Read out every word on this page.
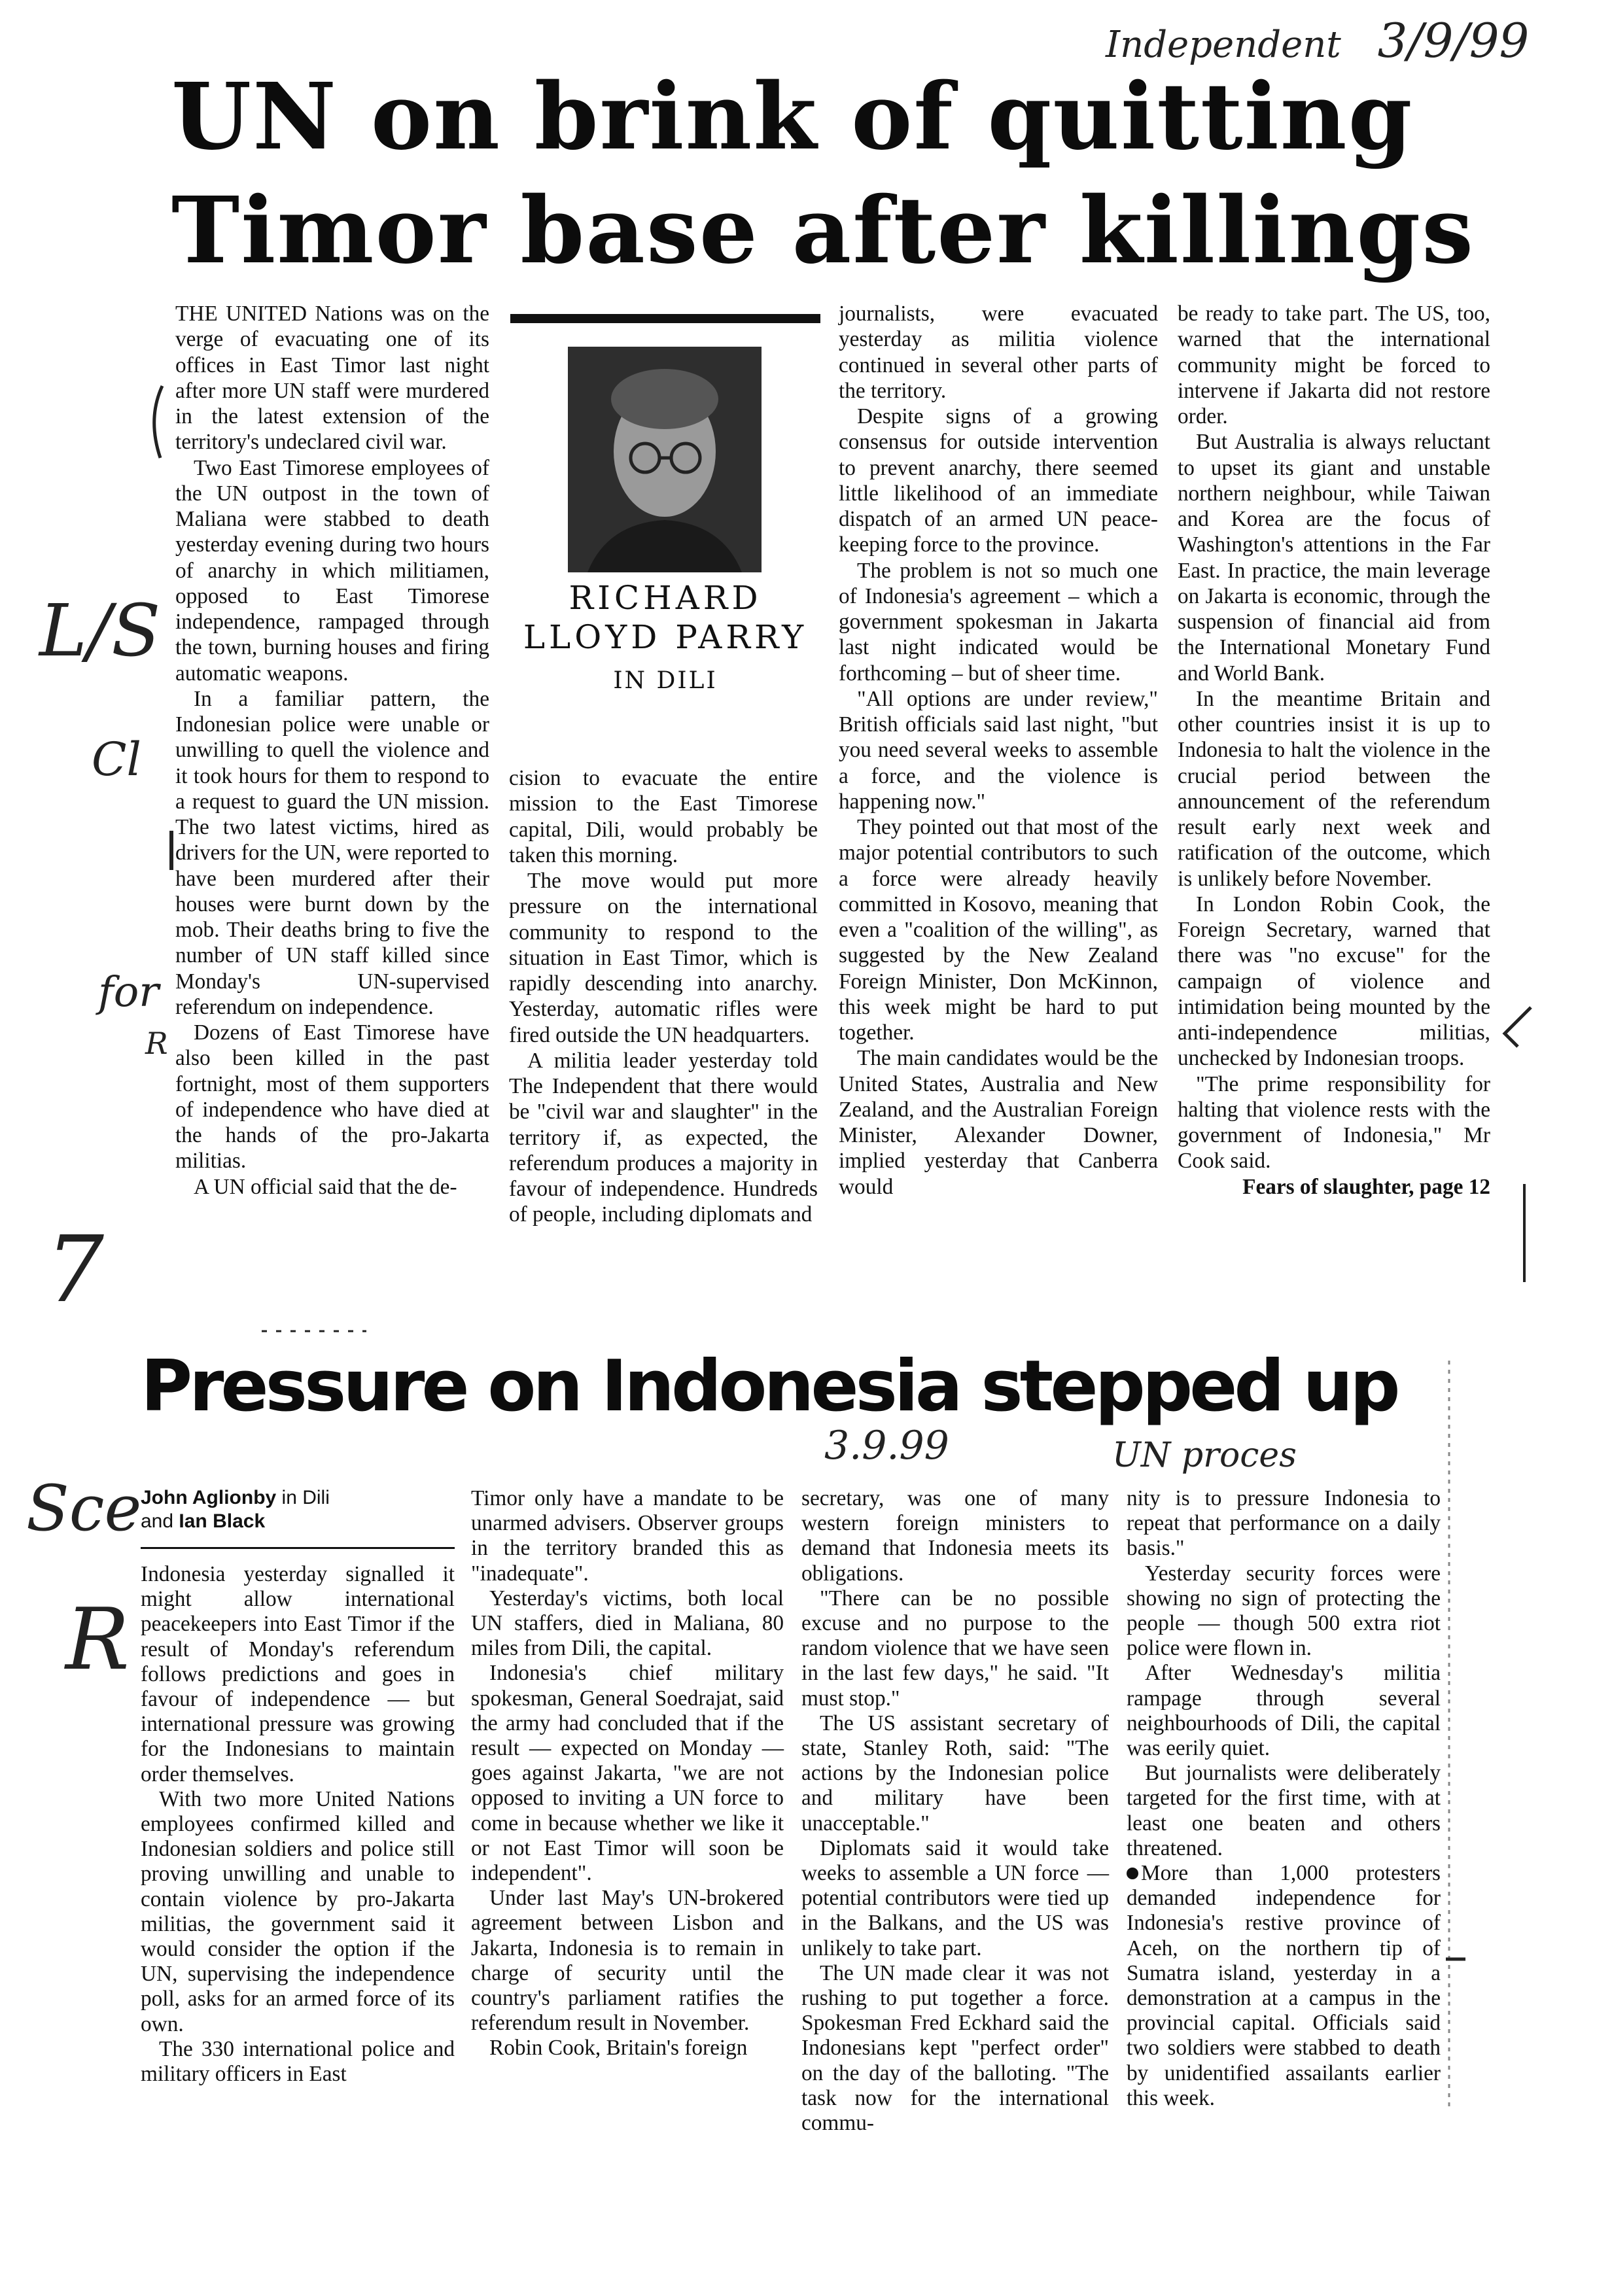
Independent 3/9/99
UN on brink of quitting
Timor base after killings

THE UNITED Nations was on the verge of evacuating one of its offices in East Timor last night after more UN staff were murdered in the latest extension of the territory's undeclared civil war.

Two East Timorese employees of the UN outpost in the town of Maliana were stabbed to death yesterday evening during two hours of anarchy in which militiamen, opposed to East Timorese independence, rampaged through the town, burning houses and firing automatic weapons.

In a familiar pattern, the Indonesian police were unable or unwilling to quell the violence and it took hours for them to respond to a request to guard the UN mission. The two latest victims, hired as drivers for the UN, were reported to have been murdered after their houses were burnt down by the mob. Their deaths bring to five the number of UN staff killed since Monday's UN-supervised referendum on independence.

Dozens of East Timorese have also been killed in the past fortnight, most of them supporters of independence who have died at the hands of the pro-Jakarta militias.

A UN official said that the de-

RICHARD
LLOYD PARRY
IN DILI

cision to evacuate the entire mission to the East Timorese capital, Dili, would probably be taken this morning.

The move would put more pressure on the international community to respond to the situation in East Timor, which is rapidly descending into anarchy. Yesterday, automatic rifles were fired outside the UN headquarters.

A militia leader yesterday told The Independent that there would be "civil war and slaughter" in the territory if, as expected, the referendum produces a majority in favour of independence. Hundreds of people, including diplomats and

journalists, were evacuated yesterday as militia violence continued in several other parts of the territory.

Despite signs of a growing consensus for outside intervention to prevent anarchy, there seemed little likelihood of an immediate dispatch of an armed UN peace-keeping force to the province.

The problem is not so much one of Indonesia's agreement – which a government spokesman in Jakarta last night indicated would be forthcoming – but of sheer time.

"All options are under review," British officials said last night, "but you need several weeks to assemble a force, and the violence is happening now."

They pointed out that most of the major potential contributors to such a force were already heavily committed in Kosovo, meaning that even a "coalition of the willing", as suggested by the New Zealand Foreign Minister, Don McKinnon, this week might be hard to put together.

The main candidates would be the United States, Australia and New Zealand, and the Australian Foreign Minister, Alexander Downer, implied yesterday that Canberra would

be ready to take part. The US, too, warned that the international community might be forced to intervene if Jakarta did not restore order.

But Australia is always reluctant to upset its giant and unstable northern neighbour, while Taiwan and Korea are the focus of Washington's attentions in the Far East. In practice, the main leverage on Jakarta is economic, through the suspension of financial aid from the International Monetary Fund and World Bank.

In the meantime Britain and other countries insist it is up to Indonesia to halt the violence in the crucial period between the announcement of the referendum result early next week and ratification of the outcome, which is unlikely before November.

In London Robin Cook, the Foreign Secretary, warned that there was "no excuse" for the campaign of violence and intimidation being mounted by the anti-independence militias, unchecked by Indonesian troops.

"The prime responsibility for halting that violence rests with the government of Indonesia," Mr Cook said.

Fears of slaughter, page 12

Pressure on Indonesia stepped up
3.9.99	UN proces
John Aglionby in Dili
and Ian Black

Indonesia yesterday signalled it might allow international peacekeepers into East Timor if the result of Monday's referendum follows predictions and goes in favour of independence — but international pressure was growing for the Indonesians to maintain order themselves.

With two more United Nations employees confirmed killed and Indonesian soldiers and police still proving unwilling and unable to contain violence by pro-Jakarta militias, the government said it would consider the option if the UN, supervising the independence poll, asks for an armed force of its own.

The 330 international police and military officers in East

Timor only have a mandate to be unarmed advisers. Observer groups in the territory branded this as "inadequate".

Yesterday's victims, both local UN staffers, died in Maliana, 80 miles from Dili, the capital.

Indonesia's chief military spokesman, General Soedrajat, said the army had concluded that if the result — expected on Monday — goes against Jakarta, "we are not opposed to inviting a UN force to come in because whether we like it or not East Timor will soon be independent".

Under last May's UN-brokered agreement between Lisbon and Jakarta, Indonesia is to remain in charge of security until the country's parliament ratifies the referendum result in November.

Robin Cook, Britain's foreign

secretary, was one of many western foreign ministers to demand that Indonesia meets its obligations.

"There can be no possible excuse and no purpose to the random violence that we have seen in the last few days," he said. "It must stop."

The US assistant secretary of state, Stanley Roth, said: "The actions by the Indonesian police and military have been unacceptable."

Diplomats said it would take weeks to assemble a UN force — potential contributors were tied up in the Balkans, and the US was unlikely to take part.

The UN made clear it was not rushing to put together a force. Spokesman Fred Eckhard said the Indonesians kept "perfect order" on the day of the balloting. "The task now for the international commu-

nity is to pressure Indonesia to repeat that performance on a daily basis."

Yesterday security forces were showing no sign of protecting the people — though 500 extra riot police were flown in.

After Wednesday's militia rampage through several neighbourhoods of Dili, the capital was eerily quiet.

But journalists were deliberately targeted for the first time, with at least one beaten and others threatened.

More than 1,000 protesters demanded independence for Indonesia's restive province of Aceh, on the northern tip of Sumatra island, yesterday in a demonstration at a campus in the provincial capital. Officials said two soldiers were stabbed to death by unidentified assailants earlier this week.

L/S
Cl
for
R
7
Sce
R
